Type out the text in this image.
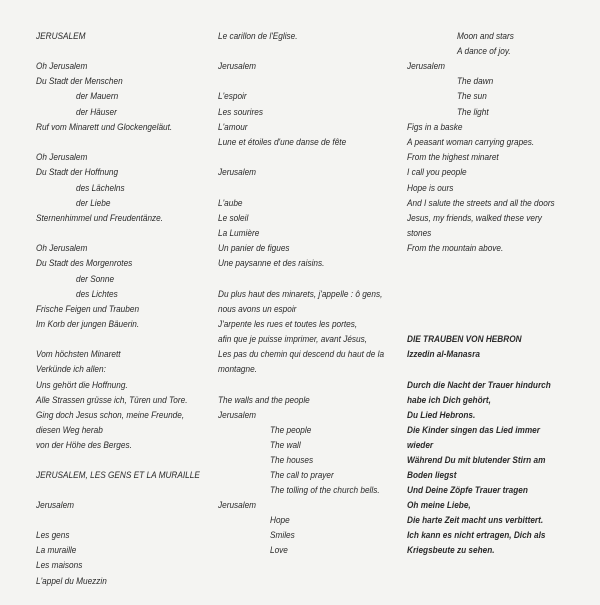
JERUSALEM
Oh Jerusalem
Du Stadt der Menschen
der Mauern
der Häuser
Ruf vom Minarett und Glockengeläut.
Oh Jerusalem
Du Stadt der Hoffnung
des Lächelns
der Liebe
Sternenhimmel und Freudentänze.
Oh Jerusalem
Du Stadt des Morgenrotes
der Sonne
des Lichtes
Frische Feigen und Trauben
Im Korb der jungen Bäuerin.
Vom höchsten Minarett
Verkünde ich allen:
Uns gehört die Hoffnung.
Alle Strassen grüsse ich, Türen und Tore.
Ging doch Jesus schon, meine Freunde,
diesen Weg herab
von der Höhe des Berges.
JERUSALEM, LES GENS ET LA MURAILLE
Jerusalem
Les gens
La muraille
Les maisons
L'appel du Muezzin
Le carillon de l'Eglise.
Jerusalem
L'espoir
Les sourires
L'amour
Lune et étoiles d'une danse de fête
Jerusalem
L'aube
Le soleil
La Lumière
Un panier de figues
Une paysanne et des raisins.
Du plus haut des minarets, j'appelle : ô gens,
nous avons un espoir
J'arpente les rues et toutes les portes,
afin que je puisse imprimer, avant Jésus,
Les pas du chemin qui descend du haut de la
montagne.
The walls and the people
Jerusalem
The people
The wall
The houses
The call to prayer
The tolling of the church bells.
Jerusalem
Hope
Smiles
Love
Moon and stars
A dance of joy.
Jerusalem
The dawn
The sun
The light
Figs in a baske
A peasant woman carrying grapes.
From the highest minaret
I call you people
Hope is ours
And I salute the streets and all the doors
Jesus, my friends, walked these very
stones
From the mountain above.
DIE TRAUBEN VON HEBRON
Izzedin al-Manasra
Durch die Nacht der Trauer hindurch
habe ich Dich gehört,
Du Lied Hebrons.
Die Kinder singen das Lied immer
wieder
Während Du mit blutender Stirn am
Boden liegst
Und Deine Zöpfe Trauer tragen
Oh meine Liebe,
Die harte Zeit macht uns verbittert.
Ich kann es nicht ertragen, Dich als
Kriegsbeute zu sehen.
